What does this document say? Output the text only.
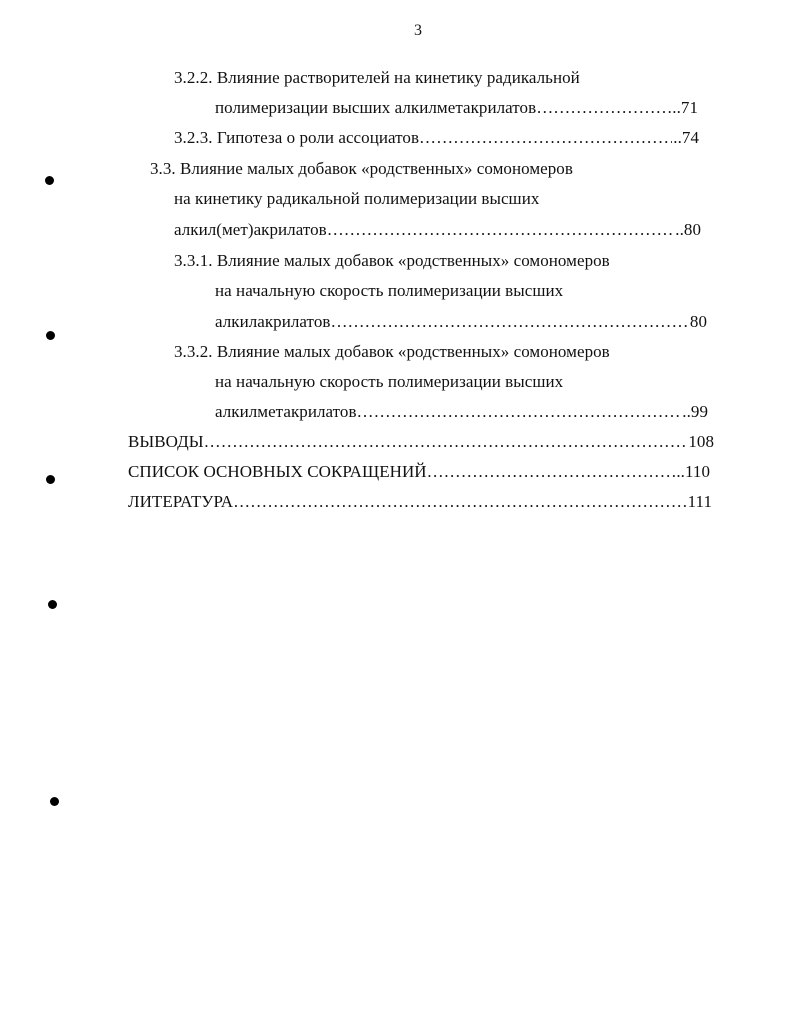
3
3.2.2. Влияние растворителей на кинетику радикальной
полимеризации высших алкилметакрилатов ……………………………………………………………………………………………………………………………………………………………………	..71
3.2.3. Гипотеза о роли ассоциатов ……………………………………………………………………………………………………………………………………………………………………	..74
3.3. Влияние малых добавок «родственных» сомономеров
на кинетику радикальной полимеризации высших
алкил(мет)акрилатов ……………………………………………………………………………………………………………………………………………………………………	..80
3.3.1. Влияние малых добавок «родственных» сомономеров
на начальную скорость полимеризации высших
алкилакрилатов ……………………………………………………………………………………………………………………………………………………………………	80
3.3.2. Влияние малых добавок «родственных» сомономеров
на начальную скорость полимеризации высших
алкилметакрилатов ……………………………………………………………………………………………………………………………………………………………………	..99
ВЫВОДЫ ……………………………………………………………………………………………………………………………………………………………………	108
СПИСОК ОСНОВНЫХ СОКРАЩЕНИЙ ……………………………………………………………………………………………………………………………………………………………………	..110
ЛИТЕРАТУРА ……………………………………………………………………………………………………………………………………………………………………	111
